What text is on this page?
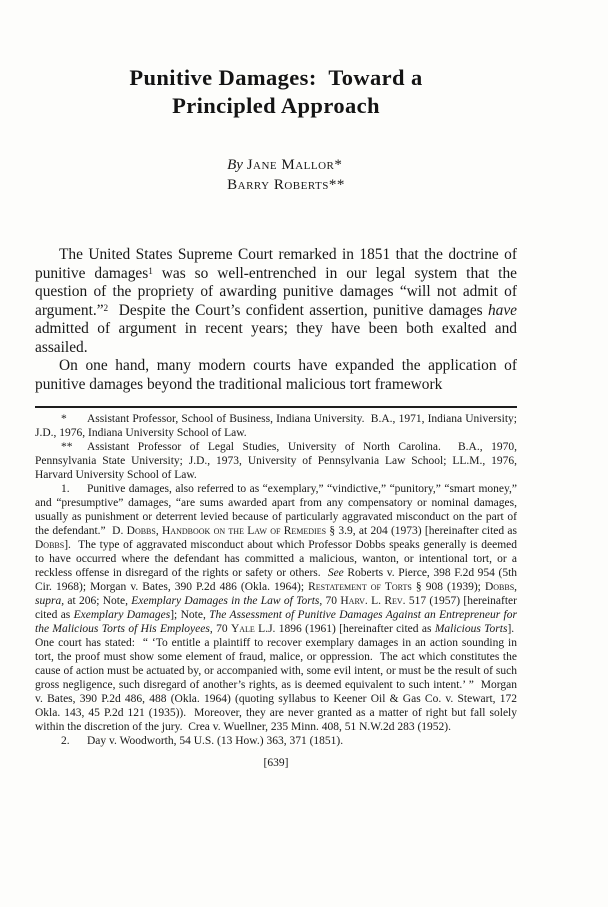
Punitive Damages:  Toward a
Principled Approach
By Jane Mallor*
Barry Roberts**

The United States Supreme Court remarked in 1851 that the doctrine of punitive damages$^1$ was so well-entrenched in our legal system that the question of the propriety of awarding punitive damages “will not admit of argument.”$^2$  Despite the Court’s confident assertion, punitive damages have admitted of argument in recent years; they have been both exalted and assailed.

On one hand, many modern courts have expanded the application of punitive damages beyond the traditional malicious tort framework

* Assistant Professor, School of Business, Indiana University.  B.A., 1971, Indiana University; J.D., 1976, Indiana University School of Law.

** Assistant Professor of Legal Studies, University of North Carolina.  B.A., 1970, Pennsylvania State University; J.D., 1973, University of Pennsylvania Law School; LL.M., 1976, Harvard University School of Law.

1. Punitive damages, also referred to as “exemplary,” “vindictive,” “punitory,” “smart money,” and “presumptive” damages, “are sums awarded apart from any compensatory or nominal damages, usually as punishment or deterrent levied because of particularly aggravated misconduct on the part of the defendant.”  D. Dobbs, Handbook on the Law of Remedies § 3.9, at 204 (1973) [hereinafter cited as Dobbs].  The type of aggravated misconduct about which Professor Dobbs speaks generally is deemed to have occurred where the defendant has committed a malicious, wanton, or intentional tort, or a reckless offense in disregard of the rights or safety or others.  See Roberts v. Pierce, 398 F.2d 954 (5th Cir. 1968); Morgan v. Bates, 390 P.2d 486 (Okla. 1964); Restatement of Torts § 908 (1939); Dobbs, supra, at 206; Note, Exemplary Damages in the Law of Torts, 70 Harv. L. Rev. 517 (1957) [hereinafter cited as Exemplary Damages]; Note, The Assessment of Punitive Damages Against an Entrepreneur for the Malicious Torts of His Employees, 70 Yale L.J. 1896 (1961) [hereinafter cited as Malicious Torts].  One court has stated:  “ ‘To entitle a plaintiff to recover exemplary damages in an action sounding in tort, the proof must show some element of fraud, malice, or oppression.  The act which constitutes the cause of action must be actuated by, or accompanied with, some evil intent, or must be the result of such gross negligence, such disregard of another’s rights, as is deemed equivalent to such intent.’ ”  Morgan v. Bates, 390 P.2d 486, 488 (Okla. 1964) (quoting syllabus to Keener Oil & Gas Co. v. Stewart, 172 Okla. 143, 45 P.2d 121 (1935)).  Moreover, they are never granted as a matter of right but fall solely within the discretion of the jury.  Crea v. Wuellner, 235 Minn. 408, 51 N.W.2d 283 (1952).

2. Day v. Woodworth, 54 U.S. (13 How.) 363, 371 (1851).

[639]
